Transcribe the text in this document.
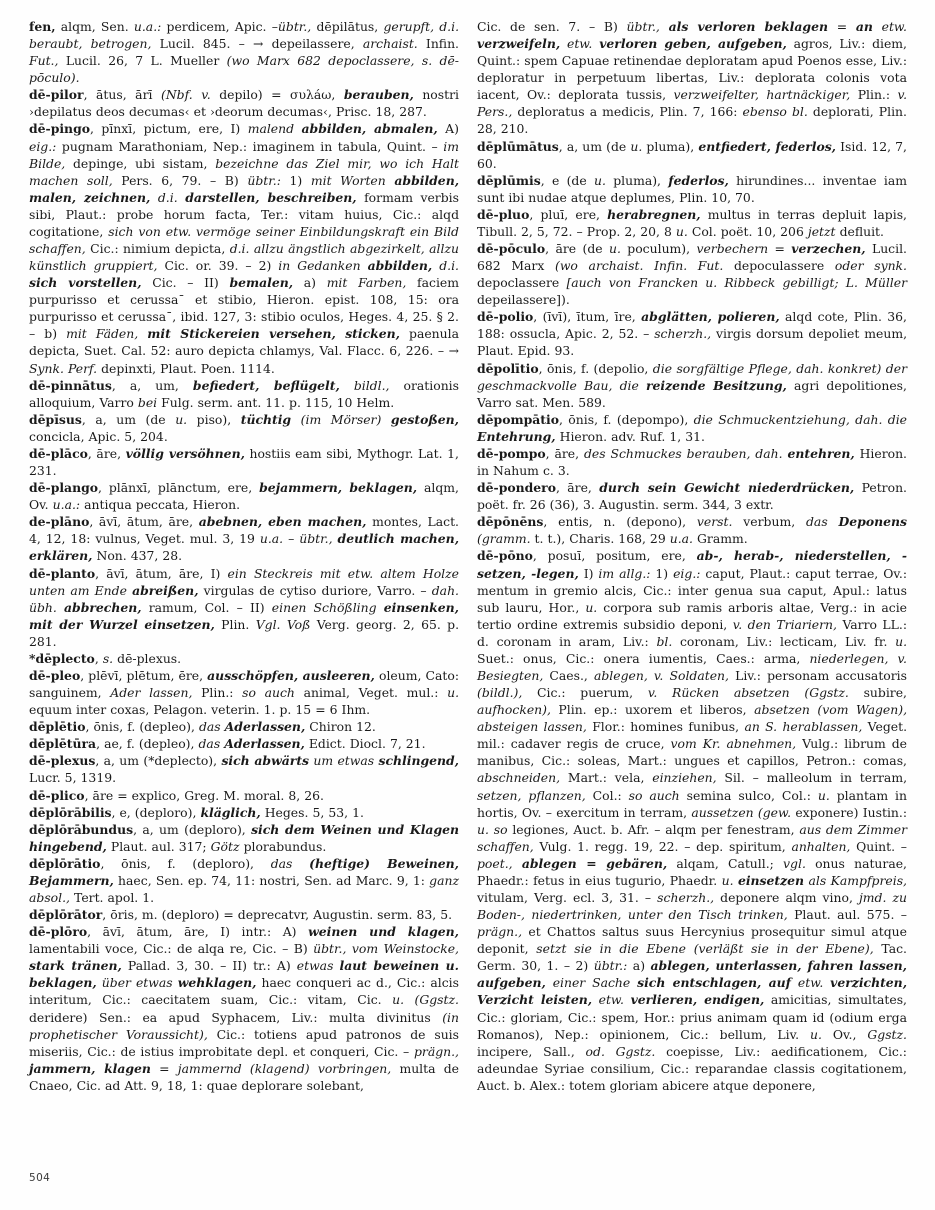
fen, alqm, Sen. u.a.: perdicem, Apic. –übtr., dēpilātus, gerupft, d.i. beraubt, betrogen, Lucil. 845. – → depeilassere, archaist. Infin. Fut., Lucil. 26, 7 L. Mueller (wo Marx 682 depoclassere, s. dē-pōculo).

dē-pilor, ātus, ārī (Nbf. v. depilo) = συλáω, berauben, nostri ›depilatus deos decumas‹ et ›deorum decumas‹, Prisc. 18, 287.

dē-pingo, pīnxī, pictum, ere, I) malend abbilden, abmalen, A) eig.: pugnam Marathoniam, Nep.: imaginem in tabula, Quint. – im Bilde, depinge, ubi sistam, bezeichne das Ziel mir, wo ich Halt machen soll, Pers. 6, 79. – B) übtr.: 1) mit Worten abbilden, malen, zeichnen, d.i. darstellen, beschreiben, formam verbis sibi, Plaut.: probe horum facta, Ter.: vitam huius, Cic.: alqd cogitatione, sich von etw. vermöge seiner Einbildungskraft ein Bild schaffen, Cic.: nimium depicta, d.i. allzu ängstlich abgezirkelt, allzu künstlich gruppiert, Cic. or. 39. – 2) in Gedanken abbilden, d.i. sich vorstellen, Cic. – II) bemalen, a) mit Farben, faciem purpurisso et cerussa¯ et stibio, Hieron. epist. 108, 15: ora purpurisso et cerussa¯, ibid. 127, 3: stibio oculos, Heges. 4, 25. § 2. – b) mit Fäden, mit Stickereien versehen, sticken, paenula depicta, Suet. Cal. 52: auro depicta chlamys, Val. Flacc. 6, 226. – → Synk. Perf. depinxti, Plaut. Poen. 1114.

dē-pinnātus, a, um, befiedert, beflügelt, bildl., orationis alloquium, Varro bei Fulg. serm. ant. 11. p. 115, 10 Helm.

dēpīsus, a, um (de u. piso), tüchtig (im Mörser) gestoßen, concicla, Apic. 5, 204.

dē-plāco, āre, völlig versöhnen, hostiis eam sibi, Mythogr. Lat. 1, 231.

dē-plango, plānxī, plānctum, ere, bejammern, beklagen, alqm, Ov. u.a.: antiqua peccata, Hieron.

de-plāno, āvī, ātum, āre, abebnen, eben machen, montes, Lact. 4, 12, 18: vulnus, Veget. mul. 3, 19 u.a. – übtr., deutlich machen, erklären, Non. 437, 28.

dē-planto, āvī, ātum, āre, I) ein Steckreis mit etw. altem Holze unten am Ende abreißen, virgulas de cytiso duriore, Varro. – dah. übh. abbrechen, ramum, Col. – II) einen Schößling einsenken, mit der Wurzel einsetzen, Plin. Vgl. Voß Verg. georg. 2, 65. p. 281.

*dēplecto, s. dē-plexus.

dē-pleo, plēvī, plētum, ēre, ausschöpfen, ausleeren, oleum, Cato: sanguinem, Ader lassen, Plin.: so auch animal, Veget. mul.: u. equum inter coxas, Pelagon. veterin. 1. p. 15 = 6 Ihm.

dēplētio, ōnis, f. (depleo), das Aderlassen, Chiron 12.

dēplētūra, ae, f. (depleo), das Aderlassen, Edict. Diocl. 7, 21.

dē-plexus, a, um (*deplecto), sich abwärts um etwas schlingend, Lucr. 5, 1319.

dē-plico, āre = explico, Greg. M. moral. 8, 26.

dēplōrābilis, e, (deploro), kläglich, Heges. 5, 53, 1.

dēplōrābundus, a, um (deploro), sich dem Weinen und Klagen hingebend, Plaut. aul. 317; Götz plorabundus.

dēplōrātio, ōnis, f. (deploro), das (heftige) Beweinen, Bejammern, haec, Sen. ep. 74, 11: nostri, Sen. ad Marc. 9, 1: ganz absol., Tert. apol. 1.

dēplōrātor, ōris, m. (deploro) = deprecatvr, Augustin. serm. 83, 5.

dē-plōro, āvī, ātum, āre, I) intr.: A) weinen und klagen, lamentabili voce, Cic.: de alqa re, Cic. – B) übtr., vom Weinstocke, stark tränen, Pallad. 3, 30. – II) tr.: A) etwas laut beweinen u. beklagen, über etwas wehklagen, haec conqueri ac d., Cic.: alcis interitum, Cic.: caecitatem suam, Cic.: vitam, Cic. u. (Ggstz. deridere) Sen.: ea apud Syphacem, Liv.: multa divinitus (in prophetischer Voraussicht), Cic.: totiens apud patronos de suis miseriis, Cic.: de istius improbitate depl. et conqueri, Cic. – prägn., jammern, klagen = jammernd (klagend) vorbringen, multa de Cnaeo, Cic. ad Att. 9, 18, 1: quae deplorare solebant,

Cic. de sen. 7. – B) übtr., als verloren beklagen = an etw. verzweifeln, etw. verloren geben, aufgeben, agros, Liv.: diem, Quint.: spem Capuae retinendae deploratam apud Poenos esse, Liv.: deploratur in perpetuum libertas, Liv.: deplorata colonis vota iacent, Ov.: deplorata tussis, verzweifelter, hartnäckiger, Plin.: v. Pers., deploratus a medicis, Plin. 7, 166: ebenso bl. deplorati, Plin. 28, 210.

dēplūmātus, a, um (de u. pluma), entfiedert, federlos, Isid. 12, 7, 60.

dēplūmis, e (de u. pluma), federlos, hirundines... inventae iam sunt ibi nudae atque deplumes, Plin. 10, 70.

dē-pluo, pluī, ere, herabregnen, multus in terras depluit lapis, Tibull. 2, 5, 72. – Prop. 2, 20, 8 u. Col. poët. 10, 206 jetzt defluit.

dē-pōculo, āre (de u. poculum), verbechern = verzechen, Lucil. 682 Marx (wo archaist. Infin. Fut. depoculassere oder synk. depoclassere [auch von Francken u. Ribbeck gebilligt; L. Müller depeilassere]).

dē-polio, (īvī), ītum, īre, abglätten, polieren, alqd cote, Plin. 36, 188: ossucla, Apic. 2, 52. – scherzh., virgis dorsum depoliet meum, Plaut. Epid. 93.

dēpolītio, ōnis, f. (depolio, die sorgfältige Pflege, dah. konkret) der geschmackvolle Bau, die reizende Besitzung, agri depolitiones, Varro sat. Men. 589.

dēpompātio, ōnis, f. (depompo), die Schmuckentziehung, dah. die Entehrung, Hieron. adv. Ruf. 1, 31.

dē-pompo, āre, des Schmuckes berauben, dah. entehren, Hieron. in Nahum c. 3.

dē-pondero, āre, durch sein Gewicht niederdrücken, Petron. poët. fr. 26 (36), 3. Augustin. serm. 344, 3 extr.

dēpōnēns, entis, n. (depono), verst. verbum, das Deponens (gramm. t. t.), Charis. 168, 29 u.a. Gramm.

dē-pōno, posuī, positum, ere, ab-, herab-, niederstellen, -setzen, -legen, I) im allg.: 1) eig.: caput, Plaut.: caput terrae, Ov.: mentum in gremio alcis, Cic.: inter genua sua caput, Apul.: latus sub lauru, Hor., u. corpora sub ramis arboris altae, Verg.: in acie tertio ordine extremis subsidio deponi, v. den Triariern, Varro LL.: d. coronam in aram, Liv.: bl. coronam, Liv.: lecticam, Liv. fr. u. Suet.: onus, Cic.: onera iumentis, Caes.: arma, niederlegen, v. Besiegten, Caes., ablegen, v. Soldaten, Liv.: personam accusatoris (bildl.), Cic.: puerum, v. Rücken absetzen (Ggstz. subire, aufhocken), Plin. ep.: uxorem et liberos, absetzen (vom Wagen), absteigen lassen, Flor.: homines funibus, an S. herablassen, Veget. mil.: cadaver regis de cruce, vom Kr. abnehmen, Vulg.: librum de manibus, Cic.: soleas, Mart.: ungues et capillos, Petron.: comas, abschneiden, Mart.: vela, einziehen, Sil. – malleolum in terram, setzen, pflanzen, Col.: so auch semina sulco, Col.: u. plantam in hortis, Ov. – exercitum in terram, aussetzen (gew. exponere) Iustin.: u. so legiones, Auct. b. Afr. – alqm per fenestram, aus dem Zimmer schaffen, Vulg. 1. regg. 19, 22. – dep. spiritum, anhalten, Quint. – poet., ablegen = gebären, alqam, Catull.; vgl. onus naturae, Phaedr.: fetus in eius tugurio, Phaedr. u. einsetzen als Kampfpreis, vitulam, Verg. ecl. 3, 31. – scherzh., deponere alqm vino, jmd. zu Boden-, niedertrinken, unter den Tisch trinken, Plaut. aul. 575. – prägn., et Chattos saltus suus Hercynius prosequitur simul atque deponit, setzt sie in die Ebene (verläßt sie in der Ebene), Tac. Germ. 30, 1. – 2) übtr.: a) ablegen, unterlassen, fahren lassen, aufgeben, einer Sache sich entschlagen, auf etw. verzichten, Verzicht leisten, etw. verlieren, endigen, amicitias, simultates, Cic.: gloriam, Cic.: spem, Hor.: prius animam quam id (odium erga Romanos), Nep.: opinionem, Cic.: bellum, Liv. u. Ov., Ggstz. incipere, Sall., od. Ggstz. coepisse, Liv.: aedificationem, Cic.: adeundae Syriae consilium, Cic.: reparandae classis cogitationem, Auct. b. Alex.: totem gloriam abicere atque deponere,

504
